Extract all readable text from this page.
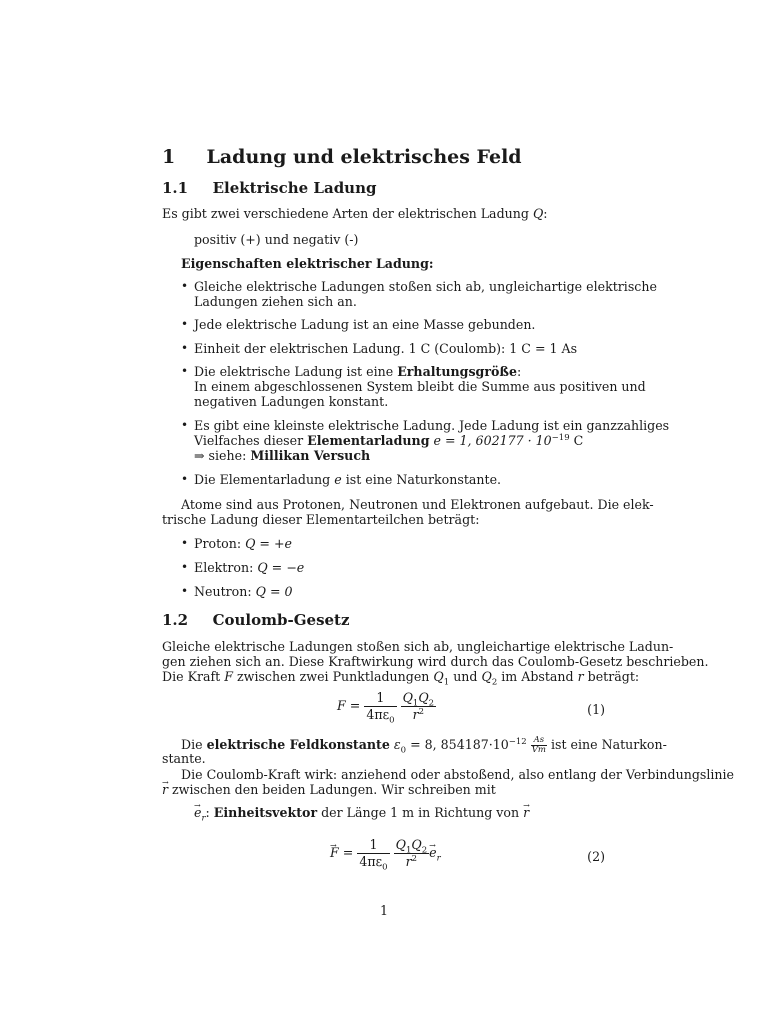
1 Ladung und elektrisches Feld
1.1 Elektrische Ladung
Es gibt zwei verschiedene Arten der elektrischen Ladung Q:
positiv (+) und negativ (-)
Eigenschaften elektrischer Ladung:
• Gleiche elektrische Ladungen stoßen sich ab, ungleichartige elektrische
Ladungen ziehen sich an.
• Jede elektrische Ladung ist an eine Masse gebunden.
• Einheit der elektrischen Ladung. 1 C (Coulomb): 1 C = 1 As
• Die elektrische Ladung ist eine Erhaltungsgröße:
In einem abgeschlossenen System bleibt die Summe aus positiven und
negativen Ladungen konstant.
• Es gibt eine kleinste elektrische Ladung. Jede Ladung ist ein ganzzahliges
Vielfaches dieser Elementarladung e = 1, $602177 \cdot 10^{-19}$ C
⇒ siehe: Millikan Versuch
• Die Elementarladung e ist eine Naturkonstante.
Atome sind aus Protonen, Neutronen und Elektronen aufgebaut. Die elek-
trische Ladung dieser Elementarteilchen beträgt:
• Proton: Q = +e
• Elektron: Q = −e
• Neutron: Q = 0
1.2 Coulomb-Gesetz
Gleiche elektrische Ladungen stoßen sich ab, ungleichartige elektrische Ladun-
gen ziehen sich an. Diese Kraftwirkung wird durch das Coulomb-Gesetz beschrieben.
Die Kraft F zwischen zwei Punktladungen $Q_1$ und $Q_2$ im Abstand r beträgt:
$F = \frac{1}{4\pi\varepsilon_0}$
$\frac{Q_1Q_2}{r^2}$	(1)
Die elektrische Feldkonstante $\varepsilon_0 = 8$, $854187\cdot 10^{-12} \frac{As}{Vm}$ ist eine Naturkon-
stante.
Die Coulomb-Kraft wirk: anziehend oder abstoßend, also entlang der Verbindungslinie
→ r zwischen den beiden Ladungen. Wir schreiben mit
→ $e_r$: Einheitsvektor der Länge 1 m in Richtung von → r
→ $F = \frac{1}{4\pi\varepsilon_0}$
$\frac{Q_1Q_2}{r^2}$
→ $e_r$	(2)
1
